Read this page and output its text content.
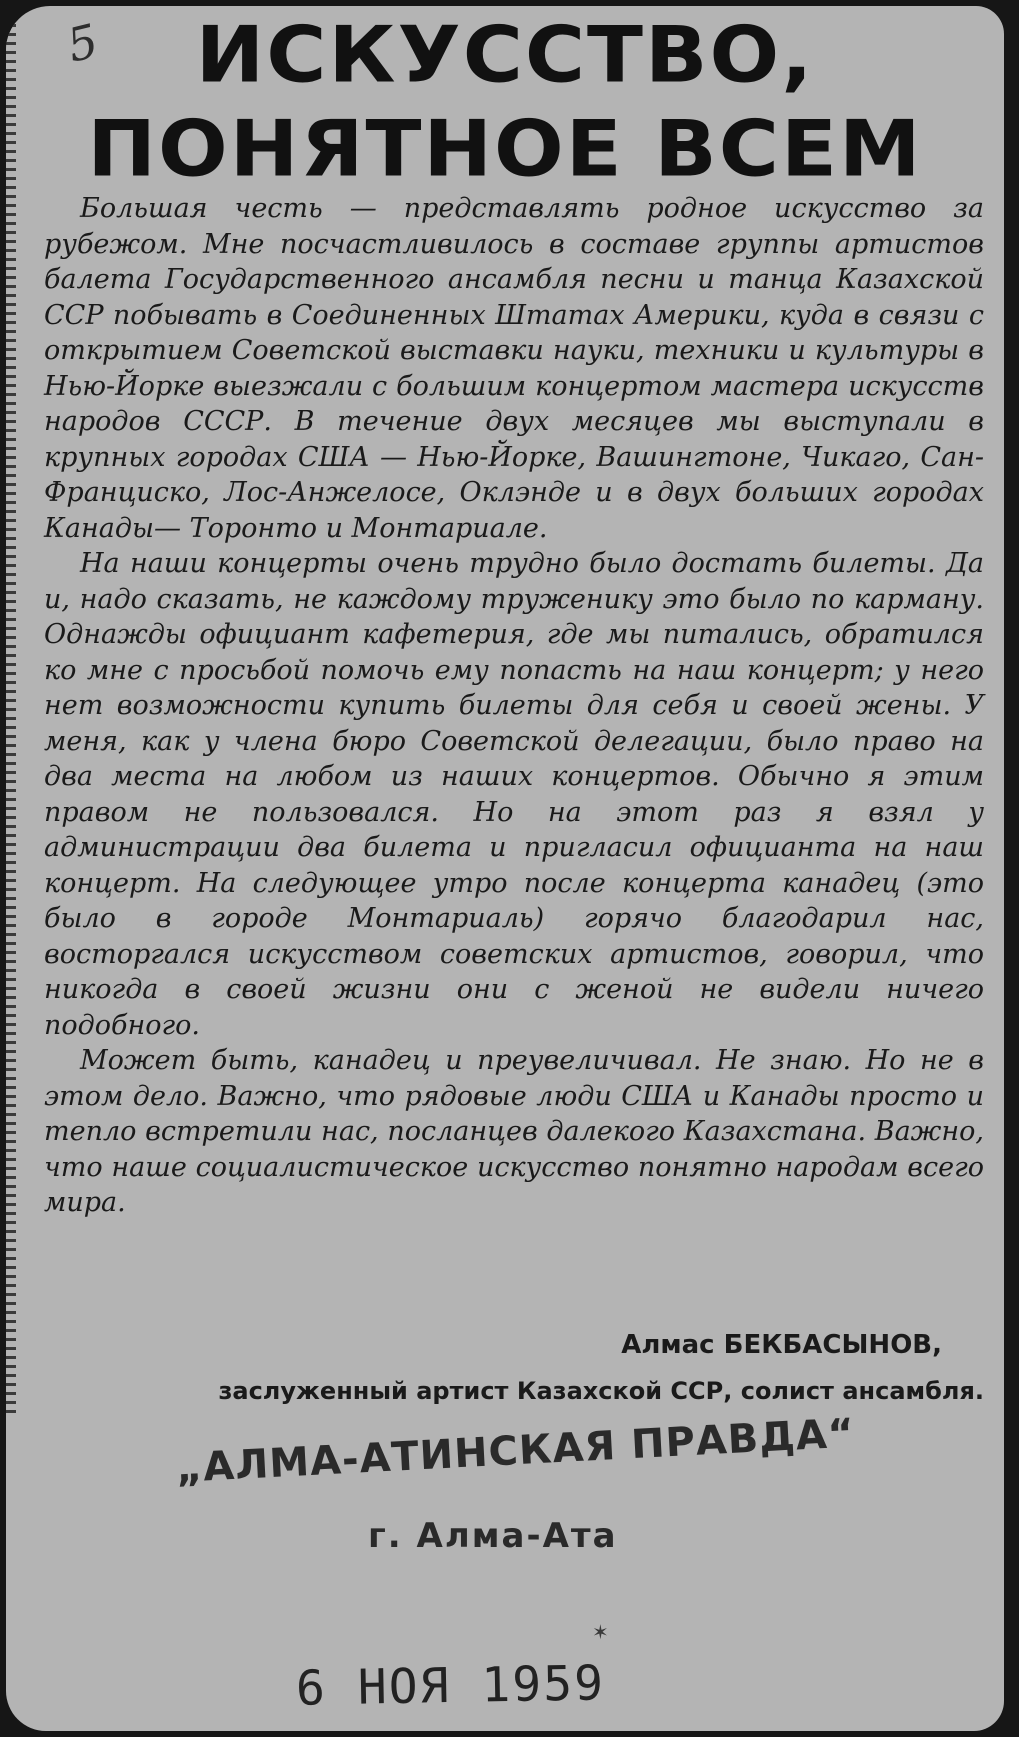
5	ИСКУССТВО,
ПОНЯТНОЕ ВСЕМ

Большая честь — представлять родное искусство за рубежом. Мне посчастливилось в составе группы артистов балета Государственного ансамбля песни и танца Казахской ССР побывать в Соединенных Штатах Америки, куда в связи с открытием Советской выставки науки, техники и культуры в Нью-Йорке выезжали с большим концертом мастера искусств народов СССР. В течение двух месяцев мы выступали в крупных городах США — Нью-Йорке, Вашингтоне, Чикаго, Сан-Франциско, Лос-Анжелосе, Оклэнде и в двух больших городах Канады— Торонто и Монтариале.

На наши концерты очень трудно было достать билеты. Да и, надо сказать, не каждому труженику это было по карману. Однажды официант кафетерия, где мы питались, обратился ко мне с просьбой помочь ему попасть на наш концерт; у него нет возможности купить билеты для себя и своей жены. У меня, как у члена бюро Советской делегации, было право на два места на любом из наших концертов. Обычно я этим правом не пользовался. Но на этот раз я взял у администрации два билета и пригласил официанта на наш концерт. На следующее утро после концерта канадец (это было в городе Монтариаль) горячо благодарил нас, восторгался искусством советских артистов, говорил, что никогда в своей жизни они с женой не видели ничего подобного.

Может быть, канадец и преувеличивал. Не знаю. Но не в этом дело. Важно, что рядовые люди США и Канады просто и тепло встретили нас, посланцев далекого Казахстана. Важно, что наше социалистическое искусство понятно народам всего мира.

Алмас БЕКБАСЫНОВ,

заслуженный артист Казахской ССР, солист ансамбля.

„АЛМА-АТИНСКАЯ ПРАВДА“

г. Алма-Ата

✶

6 НОЯ 1959
